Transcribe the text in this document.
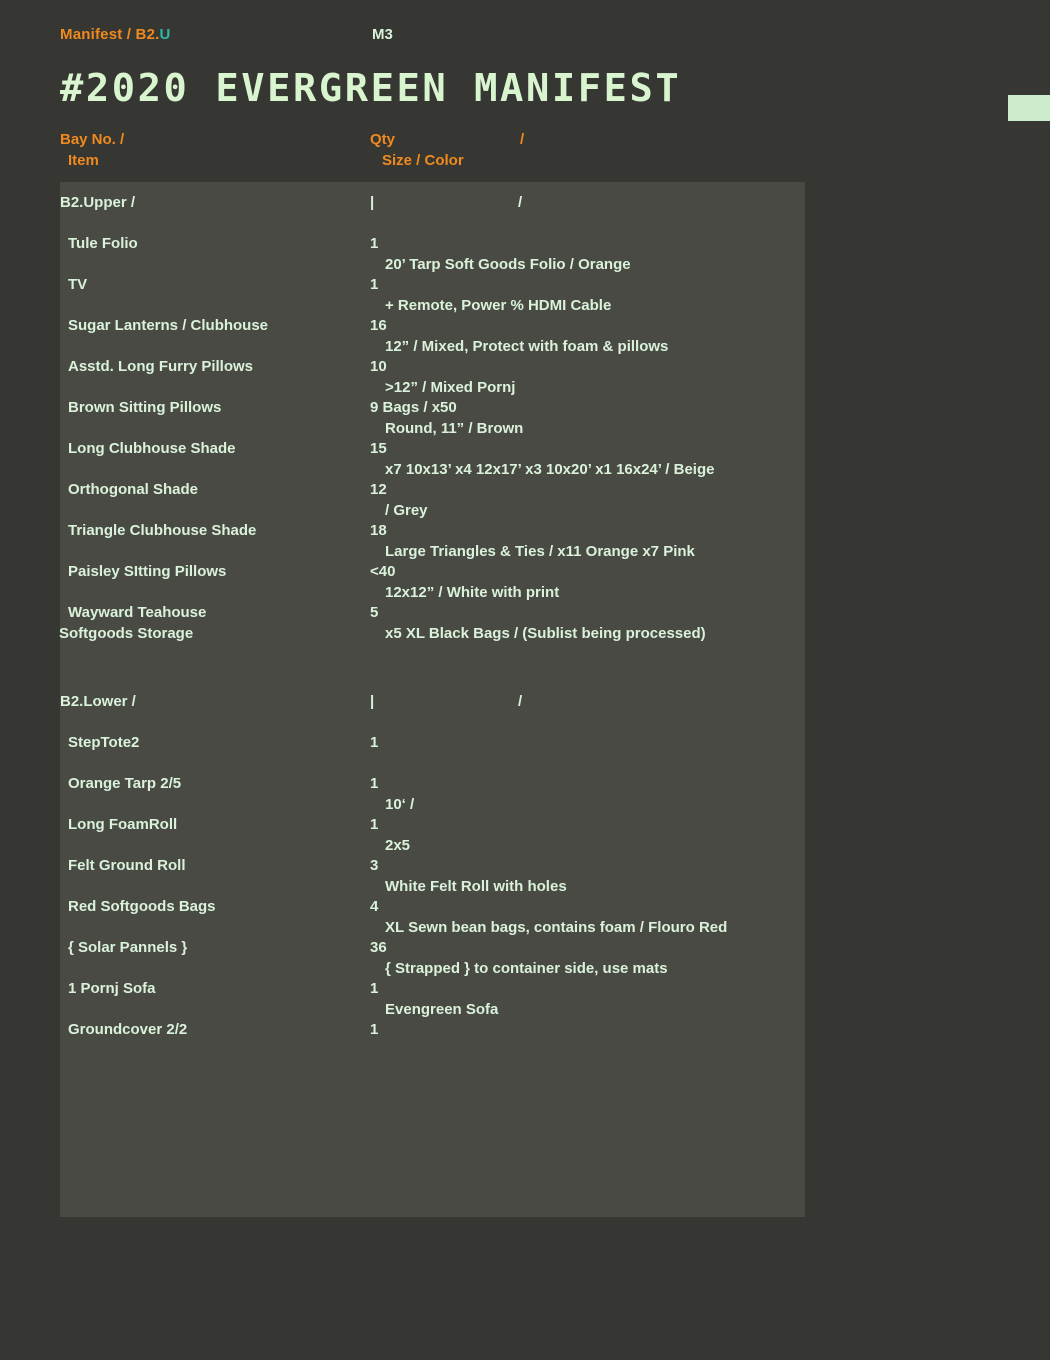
Manifest / B2.U	M3
#2020 EVERGREEN MANIFEST
Bay No. /
Item
Qty	/
Size / Color
B2.Upper /	|	/
Tule Folio	1
20’ Tarp Soft Goods Folio / Orange
TV	1
+ Remote, Power % HDMI Cable
Sugar Lanterns / Clubhouse	16
12” / Mixed, Protect with foam & pillows
Asstd. Long Furry Pillows	10
>12” / Mixed Pornj
Brown Sitting Pillows	9 Bags / x50
Round, 11” / Brown
Long Clubhouse Shade	15
x7 10x13’ x4 12x17’ x3 10x20’ x1 16x24’ / Beige
Orthogonal Shade	12
/ Grey
Triangle Clubhouse Shade	18
Large Triangles & Ties / x11 Orange x7 Pink
Paisley SItting Pillows	<40
12x12” / White with print
Wayward Teahouse	5
Softgoods Storage	x5 XL Black Bags / (Sublist being processed)
B2.Lower /	|	/
StepTote2	1
Orange Tarp 2/5	1
10‘ /
Long FoamRoll	1
2x5
Felt Ground Roll	3
White Felt Roll with holes
Red Softgoods Bags	4
XL Sewn bean bags, contains foam / Flouro Red
{ Solar Pannels }	36
{ Strapped } to container side, use mats
1 Pornj Sofa	1
Evengreen Sofa
Groundcover 2/2	1
